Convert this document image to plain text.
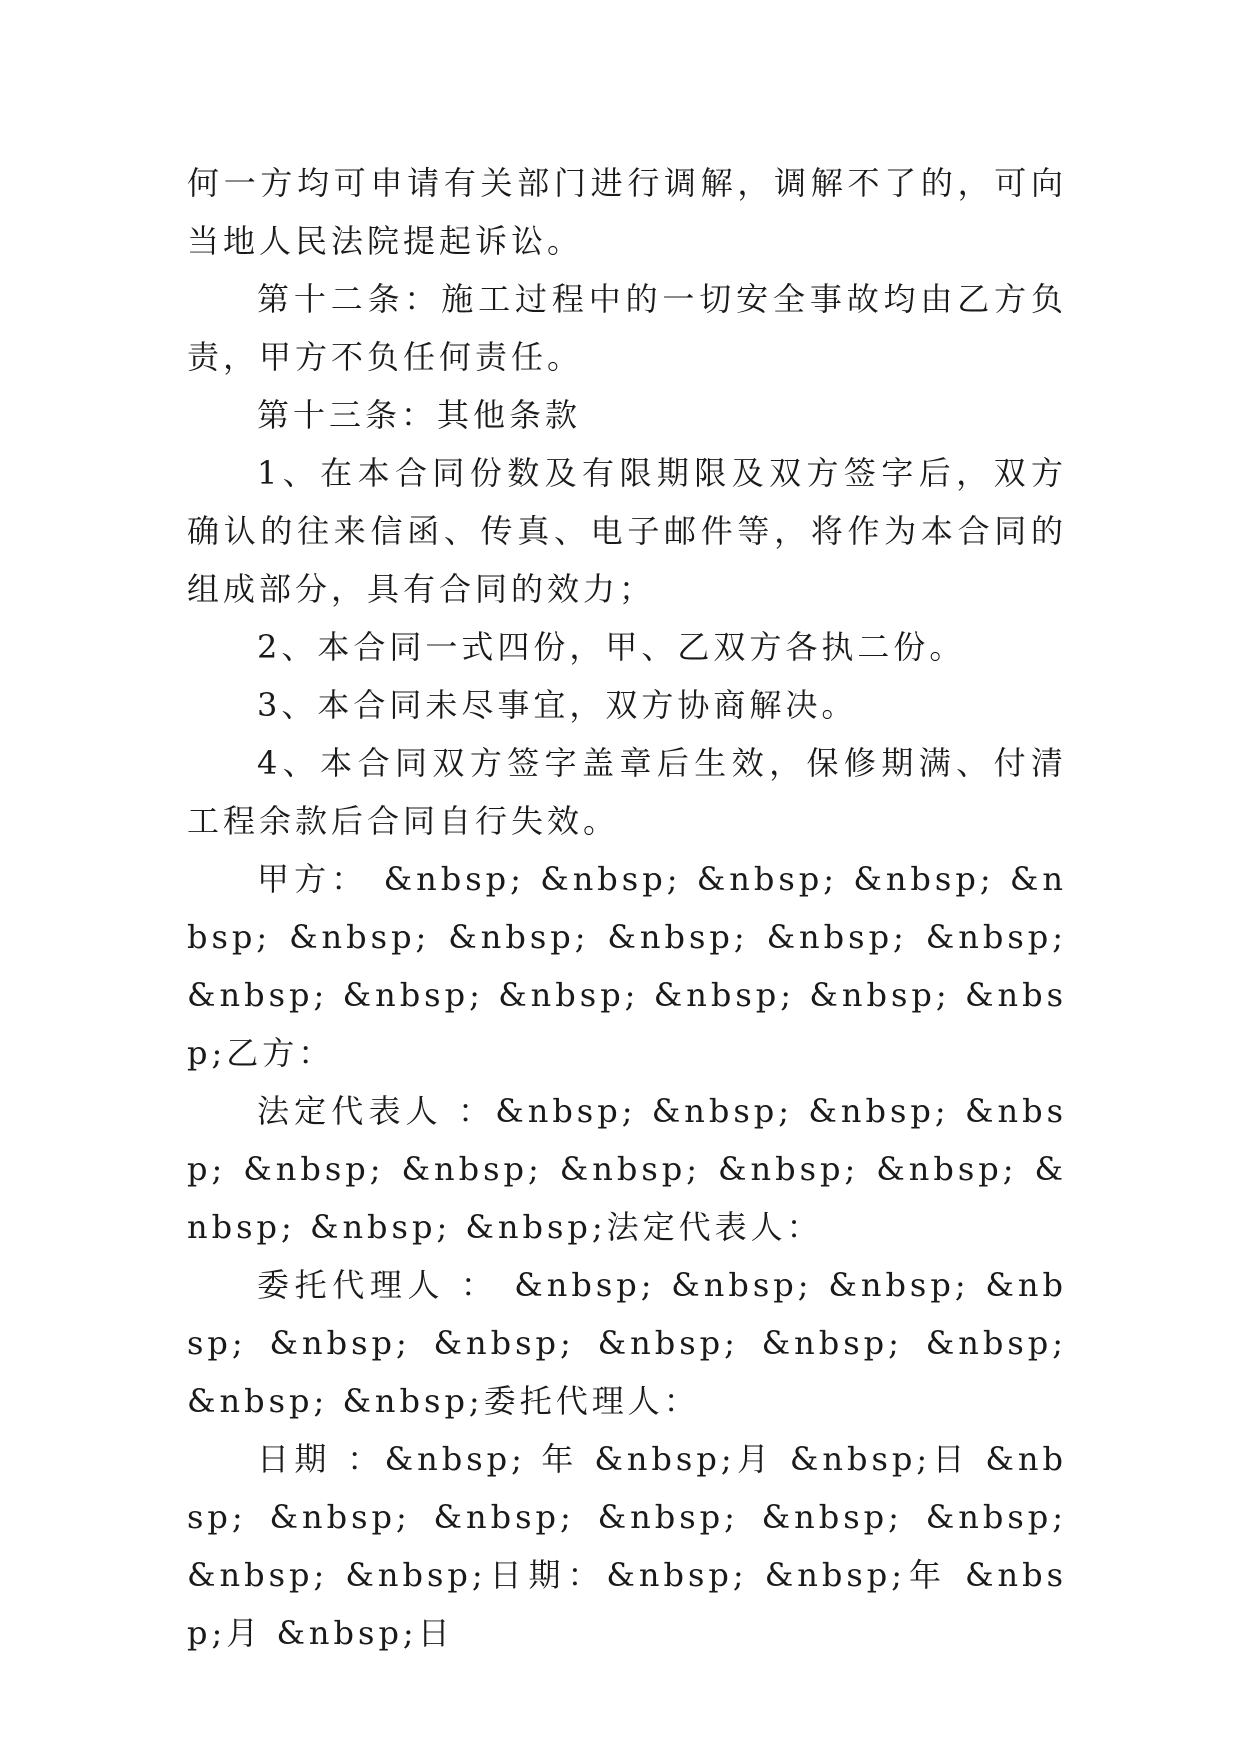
何一方均可申请有关部门进行调解，调解不了的，可向当地人民法院提起诉讼。

第十二条：施工过程中的一切安全事故均由乙方负责，甲方不负任何责任。

第十三条：其他条款

1、在本合同份数及有限期限及双方签字后，双方确认的往来信函、传真、电子邮件等，将作为本合同的组成部分，具有合同的效力；

2、本合同一式四份，甲、乙双方各执二份。

3、本合同未尽事宜，双方协商解决。

4、本合同双方签字盖章后生效，保修期满、付清工程余款后合同自行失效。

甲方： &nbsp; &nbsp; &nbsp; &nbsp; &nbsp; &nbsp; &nbsp; &nbsp; &nbsp; &nbsp; &nbsp; &nbsp; &nbsp; &nbsp; &nbsp; &nbsp;乙方：

法定代表人 ：&nbsp; &nbsp; &nbsp; &nbsp; &nbsp; &nbsp; &nbsp; &nbsp; &nbsp; &nbsp; &nbsp; &nbsp;法定代表人：

委托代理人 ： &nbsp; &nbsp; &nbsp; &nbsp; &nbsp; &nbsp; &nbsp; &nbsp; &nbsp; &nbsp; &nbsp;委托代理人：

日期 ：&nbsp; 年 &nbsp;月 &nbsp;日 &nbsp; &nbsp; &nbsp; &nbsp; &nbsp; &nbsp; &nbsp; &nbsp;日期：&nbsp; &nbsp;年 &nbsp;月 &nbsp;日
